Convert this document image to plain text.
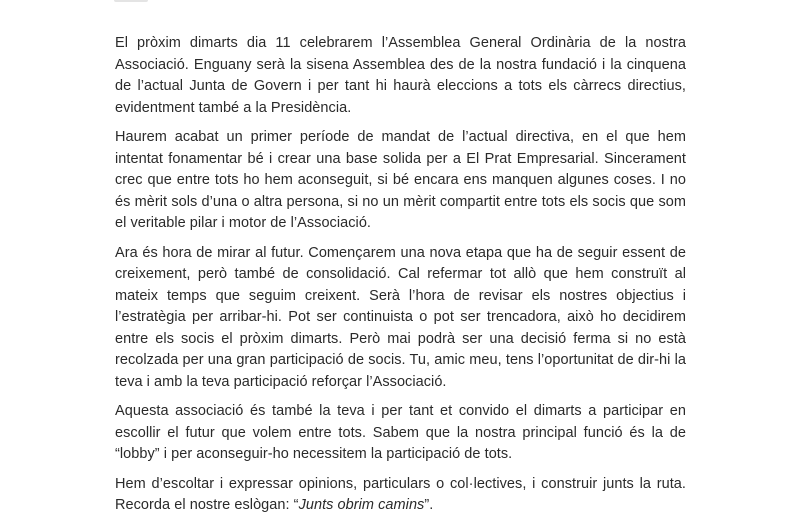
El pròxim dimarts dia 11 celebrarem l’Assemblea General Ordinària de la nostra Associació. Enguany serà la sisena Assemblea des de la nostra fundació i la cinquena de l’actual Junta de Govern i per tant hi haurà eleccions a tots els càrrecs directius, evidentment també a la Presidència.

Haurem acabat un primer període de mandat de l’actual directiva, en el que hem intentat fonamentar bé i crear una base solida per a El Prat Empresarial. Sincerament crec que entre tots ho hem aconseguit, si bé encara ens manquen algunes coses. I no és mèrit sols d’una o altra persona, si no un mèrit compartit entre tots els socis que som el veritable pilar i motor de l’Associació.

Ara és hora de mirar al futur. Començarem una nova etapa que ha de seguir essent de creixement, però també de consolidació. Cal refermar tot allò que hem construït al mateix temps que seguim creixent. Serà l’hora de revisar els nostres objectius i l’estratègia per arribar-hi. Pot ser continuista o pot ser trencadora, això ho decidirem entre els socis el pròxim dimarts. Però mai podrà ser una decisió ferma si no està recolzada per una gran participació de socis. Tu, amic meu, tens l’oportunitat de dir-hi la teva i amb la teva participació reforçar l’Associació.

Aquesta associació és també la teva i per tant et convido el dimarts a participar en escollir el futur que volem entre tots. Sabem que la nostra principal funció és la de “lobby” i per aconseguir-ho necessitem la participació de tots.

Hem d’escoltar i expressar opinions, particulars o col·lectives, i construir junts la ruta. Recorda el nostre eslògan: “Junts obrim camins”.
